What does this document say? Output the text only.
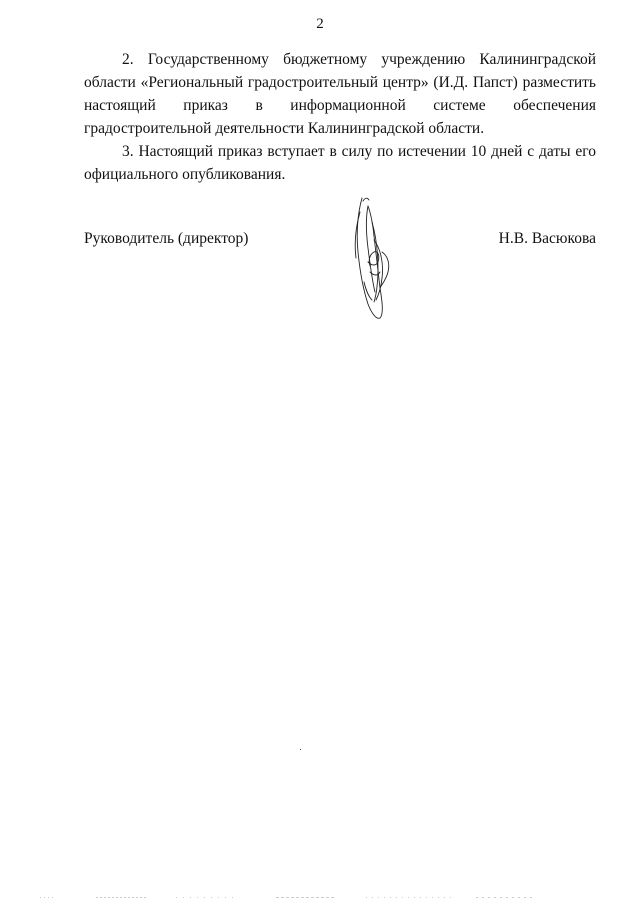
2

2. Государственному бюджетному учреждению Калининградской области «Региональный градостроительный центр» (И.Д. Папст) разместить настоящий приказ в информационной системе обеспечения градостроительной деятельности Калининградской области.

3. Настоящий приказ вступает в силу по истечении 10 дней с даты его официального опубликования.

Руководитель (директор)	Н.В. Васюкова
